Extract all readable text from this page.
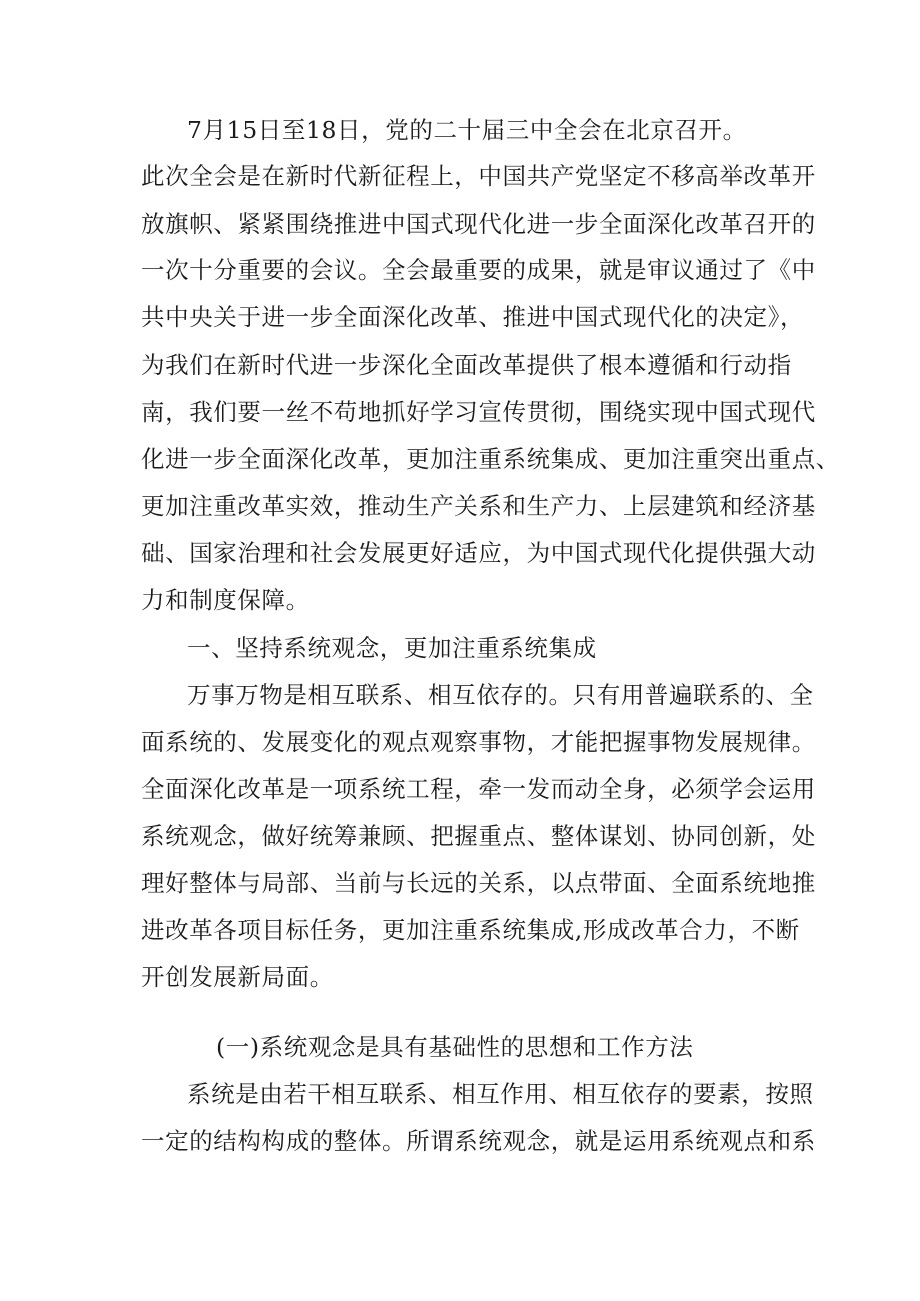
7月15日至18日，党的二十届三中全会在北京召开。
此次全会是在新时代新征程上，中国共产党坚定不移高举改革开
放旗帜、紧紧围绕推进中国式现代化进一步全面深化改革召开的
一次十分重要的会议。全会最重要的成果，就是审议通过了《中
共中央关于进一步全面深化改革、推进中国式现代化的决定》，
为我们在新时代进一步深化全面改革提供了根本遵循和行动指
南，我们要一丝不苟地抓好学习宣传贯彻，围绕实现中国式现代
化进一步全面深化改革，更加注重系统集成、更加注重突出重点、
更加注重改革实效，推动生产关系和生产力、上层建筑和经济基
础、国家治理和社会发展更好适应，为中国式现代化提供强大动
力和制度保障。
一、坚持系统观念，更加注重系统集成
万事万物是相互联系、相互依存的。只有用普遍联系的、全
面系统的、发展变化的观点观察事物，才能把握事物发展规律。
全面深化改革是一项系统工程，牵一发而动全身，必须学会运用
系统观念，做好统筹兼顾、把握重点、整体谋划、协同创新，处
理好整体与局部、当前与长远的关系，以点带面、全面系统地推
进改革各项目标任务，更加注重系统集成,形成改革合力，不断
开创发展新局面。
(一)系统观念是具有基础性的思想和工作方法
系统是由若干相互联系、相互作用、相互依存的要素，按照
一定的结构构成的整体。所谓系统观念，就是运用系统观点和系
